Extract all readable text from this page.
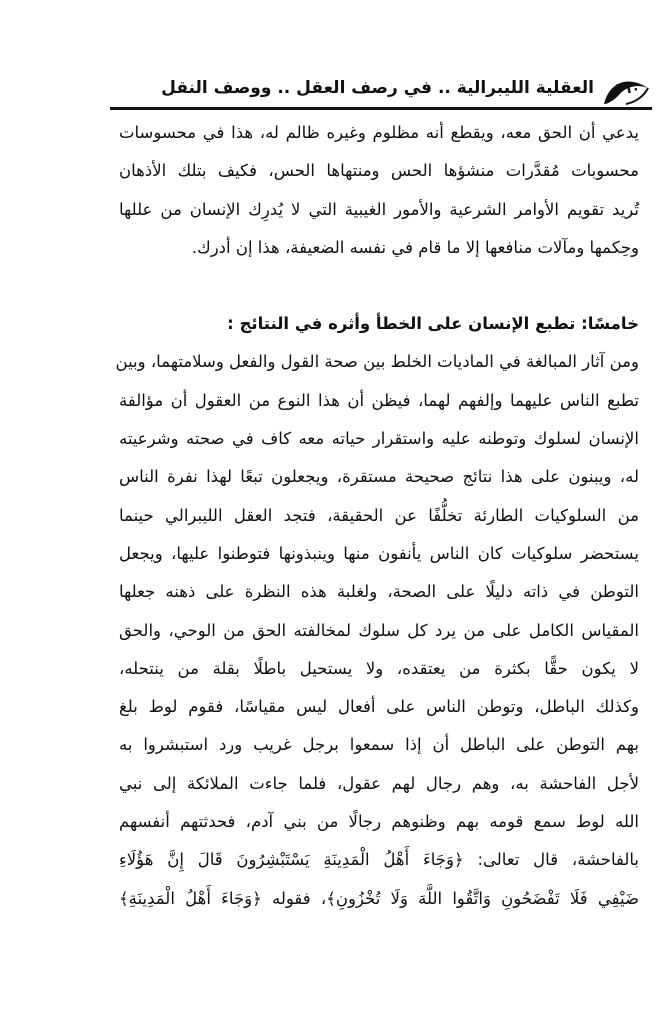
العقلية الليبرالية .. في رصف العقل .. ووصف النقل ١٦٠
يدعي أن الحق معه، ويقطع أنه مظلوم وغيره ظالم له، هذا في محسوسات
محسوبات مُقدَّرات منشؤها الحس ومنتهاها الحس، فكيف بتلك الأذهان
تُريد تقويم الأوامر الشرعية والأمور الغيبية التي لا يُدرِك الإنسان من عللها
وحِكمها ومآلات منافعها إلا ما قام في نفسه الضعيفة، هذا إن أدرك.
خامسًا: تطبع الإنسان على الخطأ وأثره في النتائج :
ومن آثار المبالغة في الماديات الخلط بين صحة القول والفعل وسلامتهما، وبين
تطبع الناس عليهما وإلفهم لهما، فيظن أن هذا النوع من العقول أن مؤالفة
الإنسان لسلوك وتوطنه عليه واستقرار حياته معه كاف في صحته وشرعيته
له، ويبنون على هذا نتائج صحيحة مستقرة، ويجعلون تبعًا لهذا نفرة الناس
من السلوكيات الطارئة تخلُّفًا عن الحقيقة، فتجد العقل الليبرالي حينما
يستحضر سلوكيات كان الناس يأنفون منها وينبذونها فتوطنوا عليها، ويجعل
التوطن في ذاته دليلًا على الصحة، ولغلبة هذه النظرة على ذهنه جعلها
المقياس الكامل على من يرد كل سلوك لمخالفته الحق من الوحي، والحق
لا يكون حقًّا بكثرة من يعتقده، ولا يستحيل باطلًا بقلة من ينتحله،
وكذلك الباطل، وتوطن الناس على أفعال ليس مقياسًا، فقوم لوط بلغ
بهم التوطن على الباطل أن إذا سمعوا برجل غريب ورد استبشروا به
لأجل الفاحشة به، وهم رجال لهم عقول، فلما جاءت الملائكة إلى نبي
الله لوط سمع قومه بهم وظنوهم رجالًا من بني آدم، فحدثتهم أنفسهم
بالفاحشة، قال تعالى: ﴿وَجَاءَ أَهْلُ الْمَدِينَةِ يَسْتَبْشِرُونَ قَالَ إِنَّ هَؤُلَاءِ
ضَيْفِي فَلَا تَفْضَحُونِ وَاتَّقُوا اللَّهَ وَلَا تُخْزُونِ﴾، فقوله ﴿وَجَاءَ أَهْلُ الْمَدِينَةِ﴾
